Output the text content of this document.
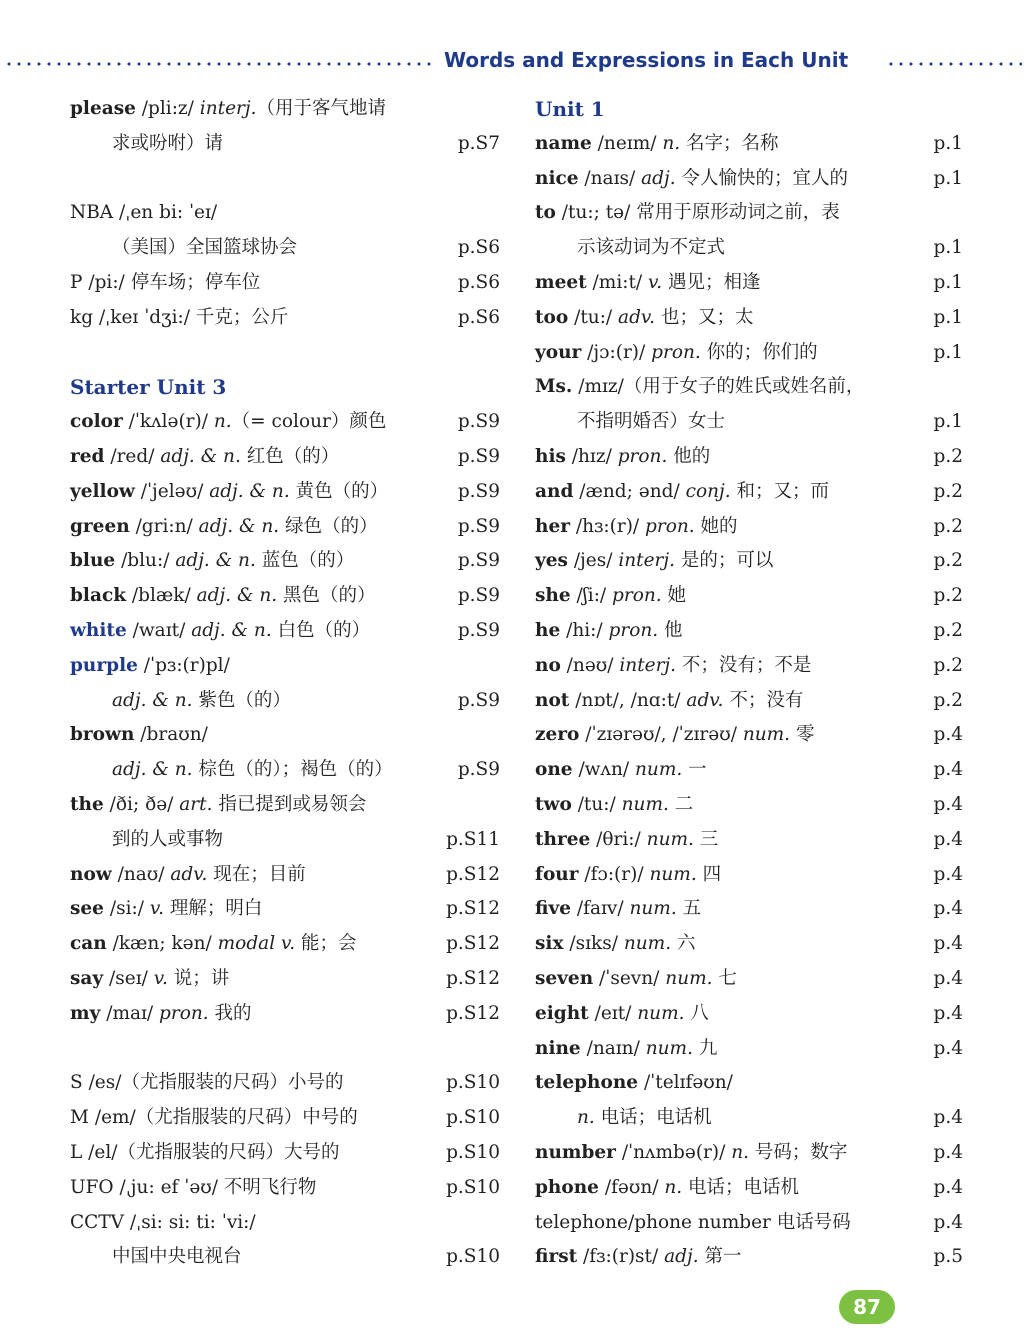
Words and Expressions in Each Unit
please /pli:z/ interj.（用于客气地请
求或吩咐）请	p.S7
NBA /ˌen bi: ˈeɪ/
（美国）全国篮球协会	p.S6
P /pi:/ 停车场；停车位	p.S6
kg /ˌkeɪ ˈdʒi:/ 千克；公斤	p.S6
Starter Unit 3
color /ˈkʌlə(r)/ n.（= colour）颜色	p.S9
red /red/ adj. & n. 红色（的）	p.S9
yellow /ˈjeləʊ/ adj. & n. 黄色（的）	p.S9
green /gri:n/ adj. & n. 绿色（的）	p.S9
blue /blu:/ adj. & n. 蓝色（的）	p.S9
black /blæk/ adj. & n. 黑色（的）	p.S9
white /waɪt/ adj. & n. 白色（的）	p.S9
purple /ˈpɜ:(r)pl/
adj. & n. 紫色（的）	p.S9
brown /braʊn/
adj. & n. 棕色（的）；褐色（的）	p.S9
the /ði; ðə/ art. 指已提到或易领会
到的人或事物	p.S11
now /naʊ/ adv. 现在；目前	p.S12
see /si:/ v. 理解；明白	p.S12
can /kæn; kən/ modal v. 能；会	p.S12
say /seɪ/ v. 说；讲	p.S12
my /maɪ/ pron. 我的	p.S12
S /es/（尤指服装的尺码）小号的	p.S10
M /em/（尤指服装的尺码）中号的	p.S10
L /el/（尤指服装的尺码）大号的	p.S10
UFO /ˌju: ef ˈəʊ/ 不明飞行物	p.S10
CCTV /ˌsi: si: ti: ˈvi:/
中国中央电视台	p.S10
Unit 1
name /neɪm/ n. 名字；名称	p.1
nice /naɪs/ adj. 令人愉快的；宜人的	p.1
to /tu:; tə/ 常用于原形动词之前，表
示该动词为不定式	p.1
meet /mi:t/ v. 遇见；相逢	p.1
too /tu:/ adv. 也；又；太	p.1
your /jɔ:(r)/ pron. 你的；你们的	p.1
Ms. /mɪz/（用于女子的姓氏或姓名前，
不指明婚否）女士	p.1
his /hɪz/ pron. 他的	p.2
and /ænd; ənd/ conj. 和；又；而	p.2
her /hɜ:(r)/ pron. 她的	p.2
yes /jes/ interj. 是的；可以	p.2
she /ʃi:/ pron. 她	p.2
he /hi:/ pron. 他	p.2
no /nəʊ/ interj. 不；没有；不是	p.2
not /nɒt/, /nɑ:t/ adv. 不；没有	p.2
zero /ˈzɪərəʊ/, /ˈzɪrəʊ/ num. 零	p.4
one /wʌn/ num. 一	p.4
two /tu:/ num. 二	p.4
three /θri:/ num. 三	p.4
four /fɔ:(r)/ num. 四	p.4
five /faɪv/ num. 五	p.4
six /sɪks/ num. 六	p.4
seven /ˈsevn/ num. 七	p.4
eight /eɪt/ num. 八	p.4
nine /naɪn/ num. 九	p.4
telephone /ˈtelɪfəʊn/
n. 电话；电话机	p.4
number /ˈnʌmbə(r)/ n. 号码；数字	p.4
phone /fəʊn/ n. 电话；电话机	p.4
telephone/phone number 电话号码	p.4
first /fɜ:(r)st/ adj. 第一	p.5
87
